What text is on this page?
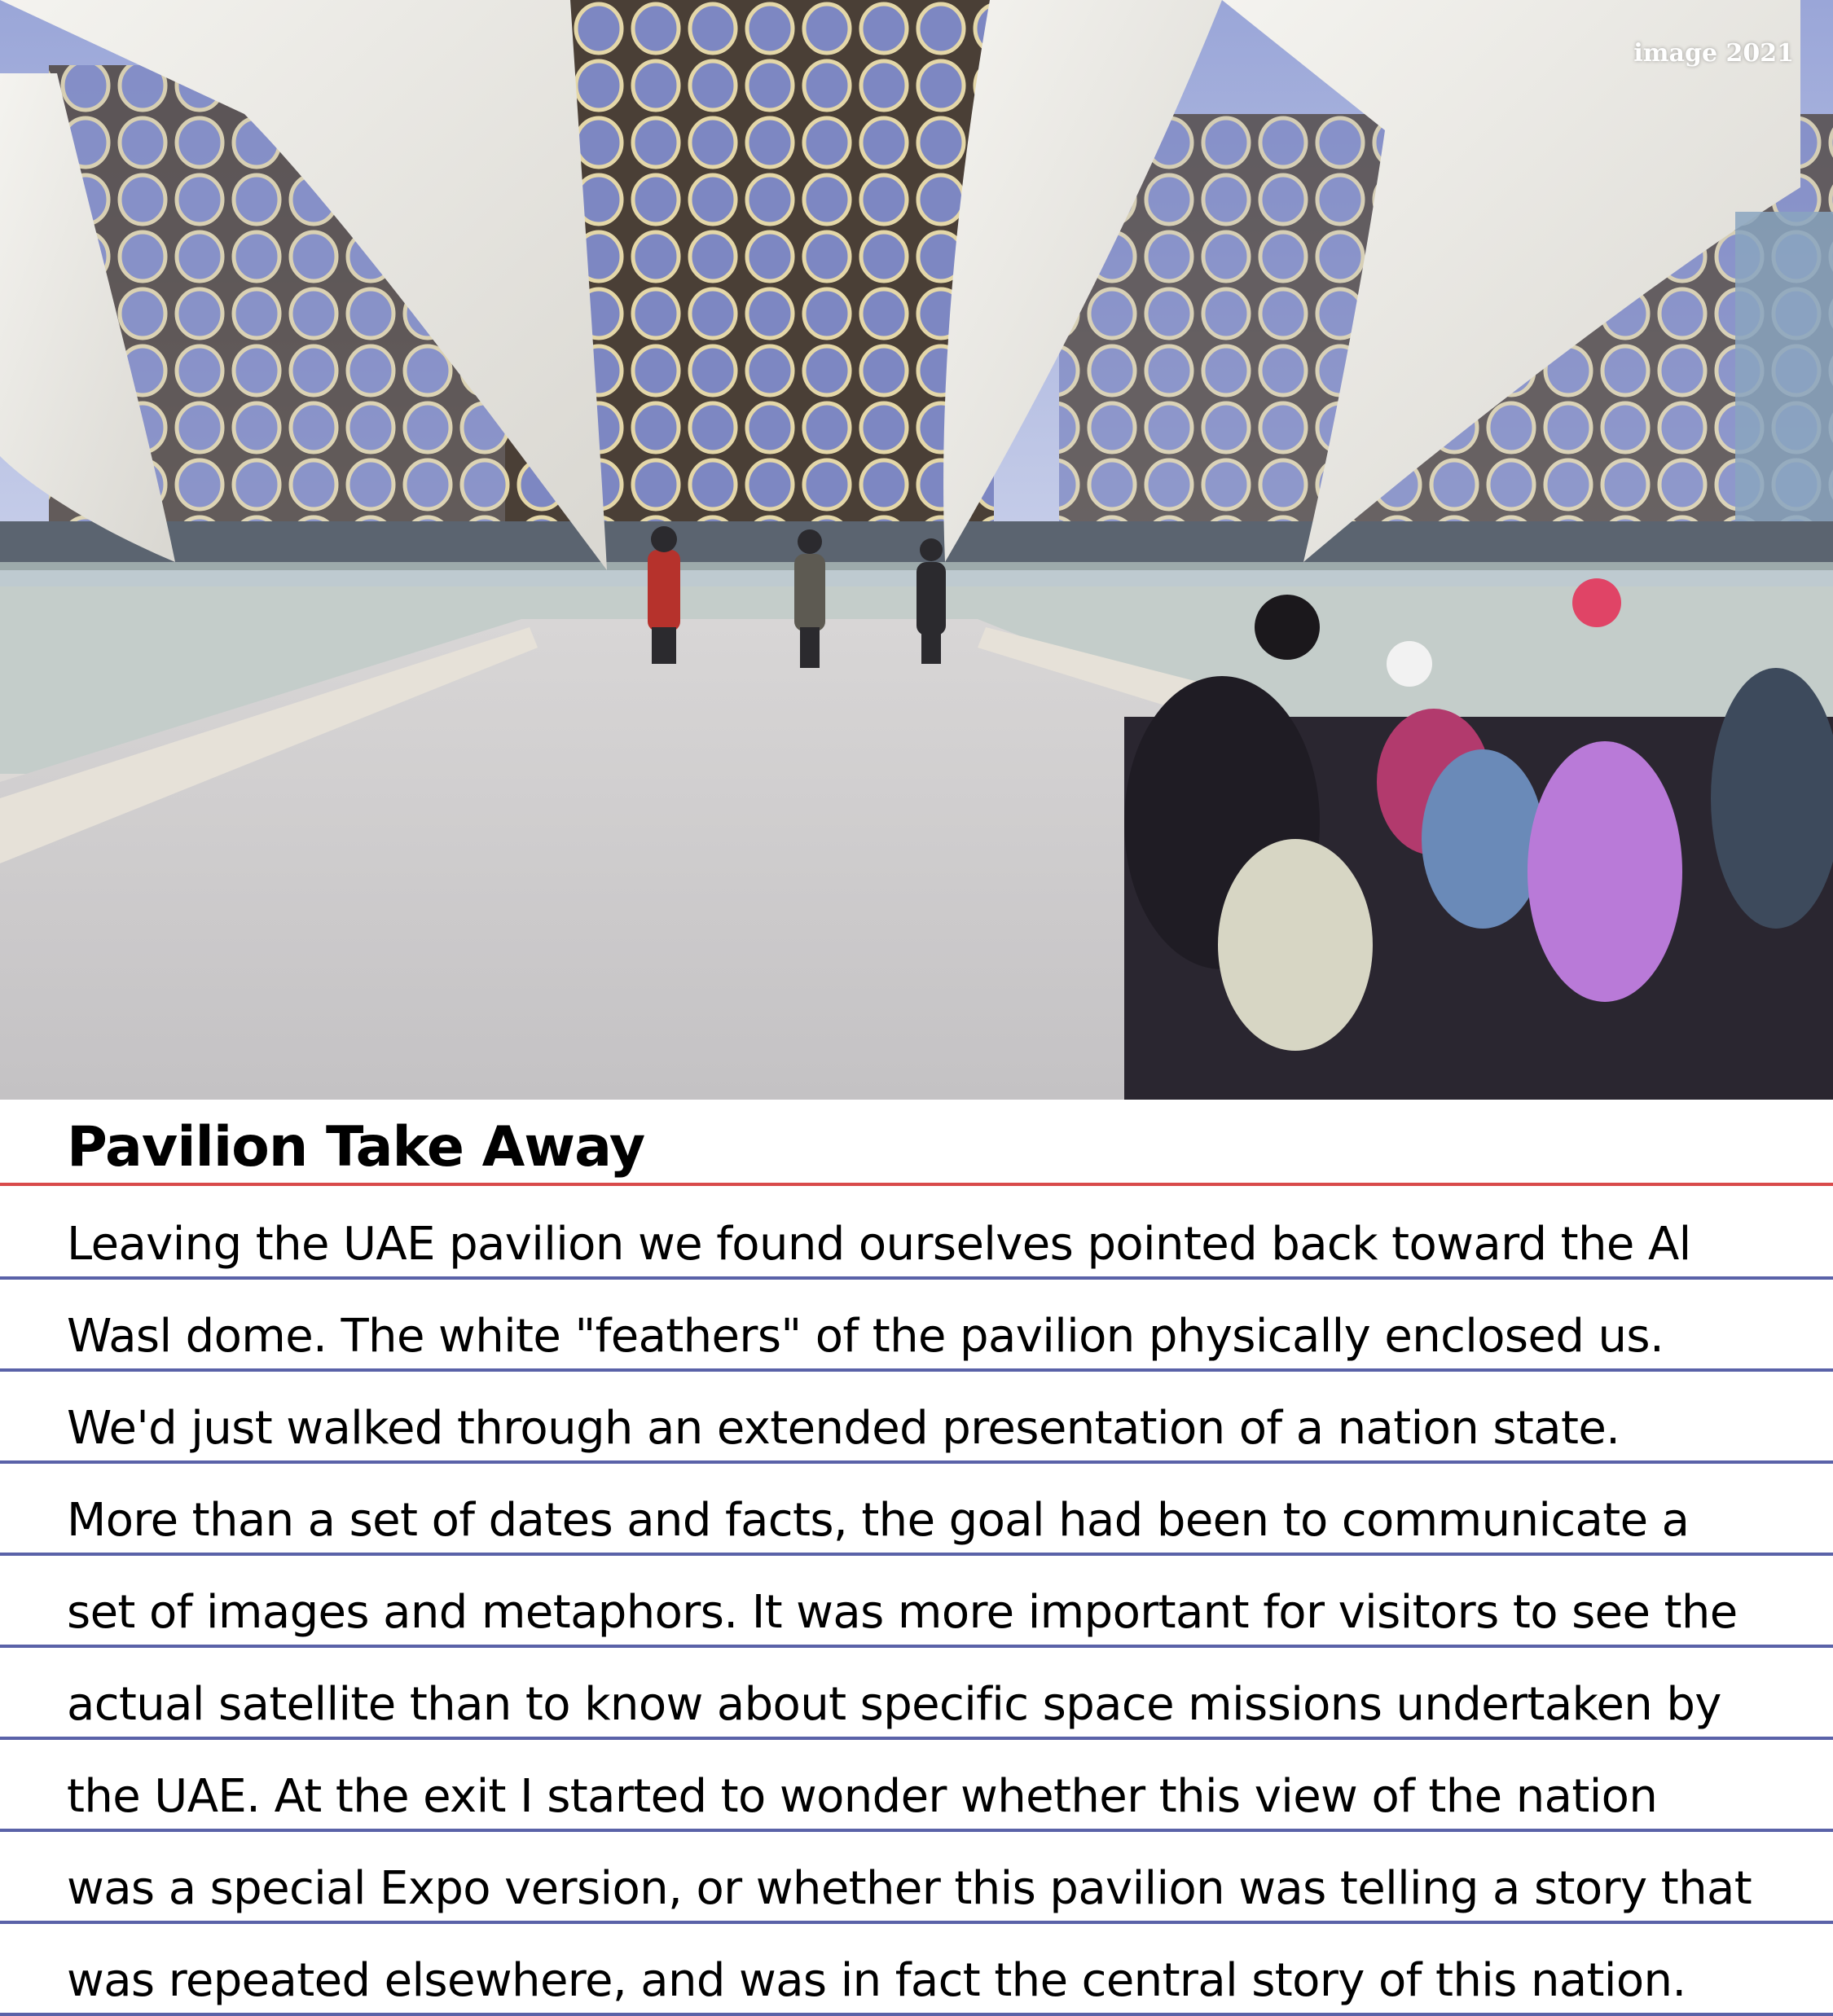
image 2021
Pavilion Take Away
Leaving the UAE pavilion we found ourselves pointed back toward the Al
Wasl dome. The white "feathers" of the pavilion physically enclosed us.
We'd just walked through an extended presentation of a nation state.
More than a set of dates and facts, the goal had been to communicate a
set of images and metaphors. It was more important for visitors to see the
actual satellite than to know about specific space missions undertaken by
the UAE. At the exit I started to wonder whether this view of the nation
was a special Expo version, or whether this pavilion was telling a story that
was repeated elsewhere, and was in fact the central story of this nation.
